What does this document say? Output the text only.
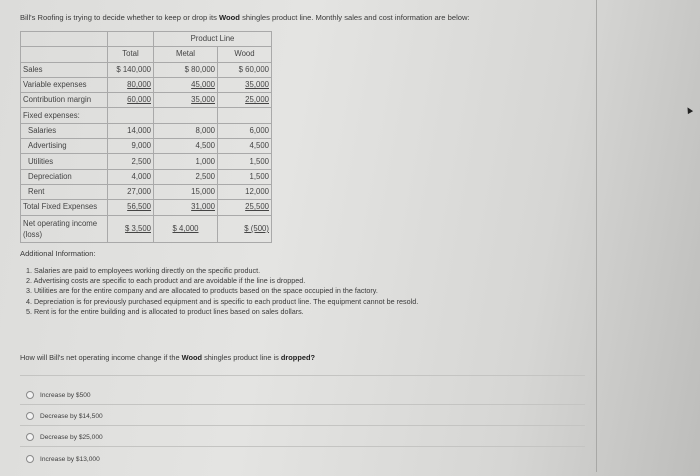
Bill's Roofing is trying to decide whether to keep or drop its Wood shingles product line. Monthly sales and cost information are below:
		Product Line	
	Total	Metal	Wood
Sales	$ 140,000	$ 80,000	$ 60,000
Variable expenses	80,000	45,000	35,000
Contribution margin	60,000	35,000	25,000
Fixed expenses:			
Salaries	14,000	8,000	6,000
Advertising	9,000	4,500	4,500
Utilities	2,500	1,000	1,500
Depreciation	4,000	2,500	1,500
Rent	27,000	15,000	12,000
Total Fixed Expenses	56,500	31,000	25,500
Net operating income (loss)	$ 3,500	$ 4,000	$ (500)
Additional Information:
1. Salaries are paid to employees working directly on the specific product.
2. Advertising costs are specific to each product and are avoidable if the line is dropped.
3. Utilities are for the entire company and are allocated to products based on the space occupied in the factory.
4. Depreciation is for previously purchased equipment and is specific to each product line. The equipment cannot be resold.
5. Rent is for the entire building and is allocated to product lines based on sales dollars.
How will Bill's net operating income change if the Wood shingles product line is dropped?
Increase by $500
Decrease by $14,500
Decrease by $25,000
Increase by $13,000
